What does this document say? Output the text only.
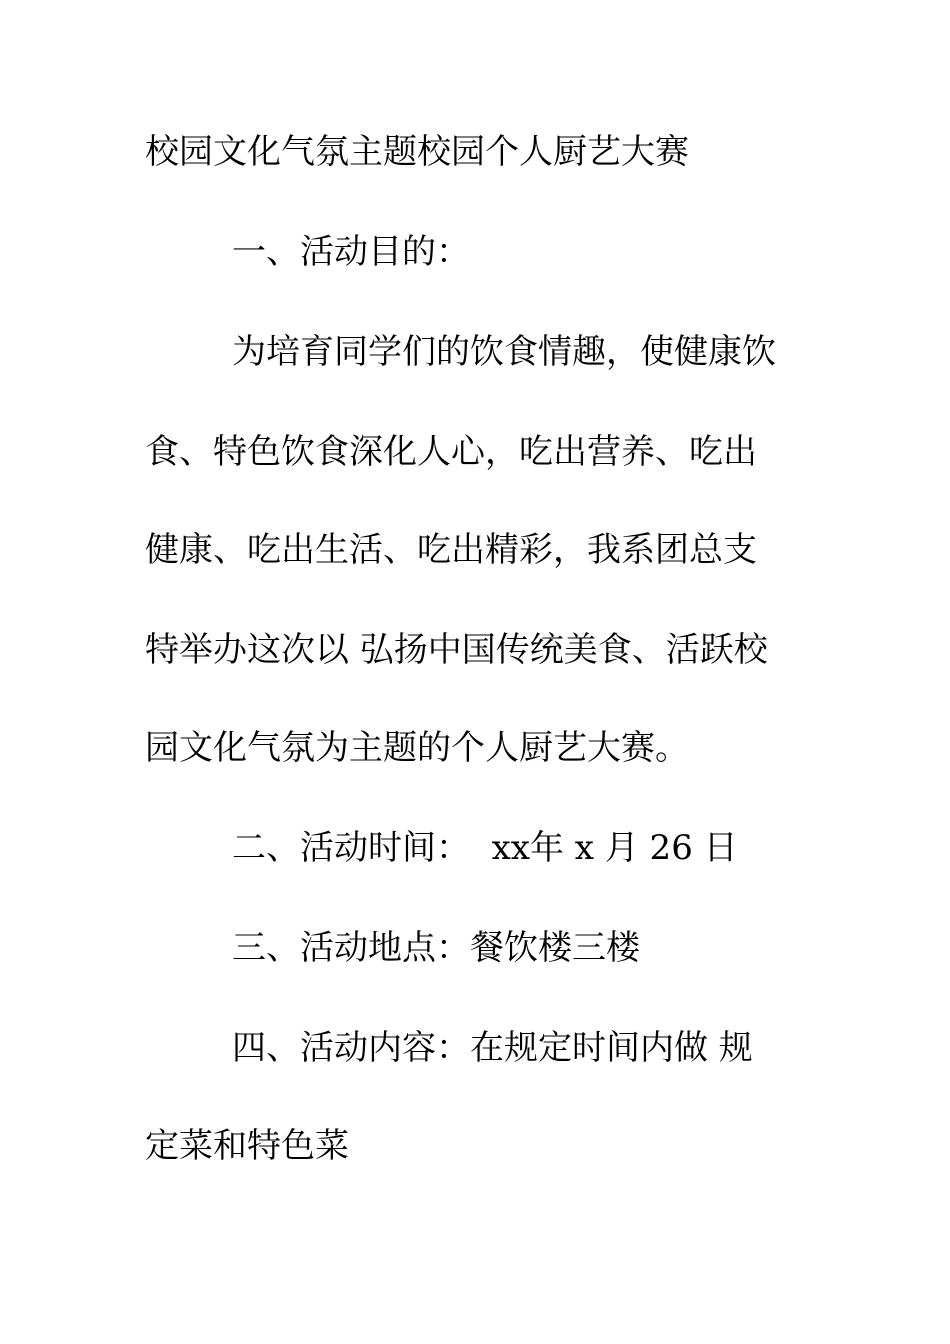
校园文化气氛主题校园个人厨艺大赛
一、活动目的：
为培育同学们的饮食情趣，使健康饮
食、特色饮食深化人心，吃出营养、吃出
健康、吃出生活、吃出精彩，我系团总支
特举办这次以 弘扬中国传统美食、活跃校
园文化气氛为主题的个人厨艺大赛。
二、活动时间：  xx年 x 月 26 日
三、活动地点：餐饮楼三楼
四、活动内容：在规定时间内做 规
定菜和特色菜
